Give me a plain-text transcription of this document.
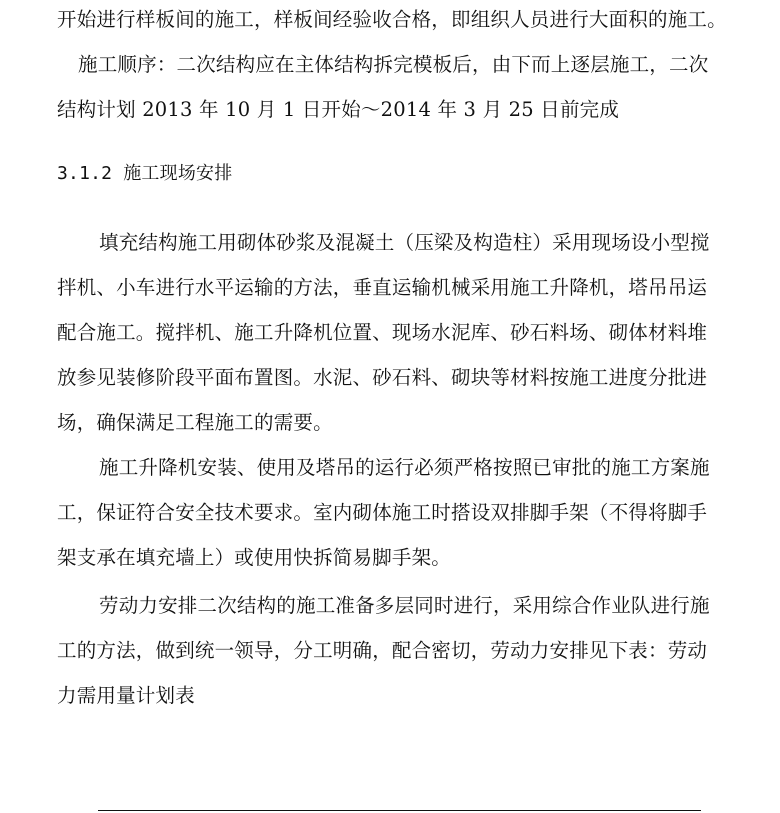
开始进行样板间的施工，样板间经验收合格，即组织人员进行大面积的施工。
施工顺序：二次结构应在主体结构拆完模板后，由下而上逐层施工，二次
结构计划 2013 年 10 月 1 日开始～2014 年 3 月 25 日前完成
3.1.2 施工现场安排
填充结构施工用砌体砂浆及混凝土（压梁及构造柱）采用现场设小型搅
拌机、小车进行水平运输的方法，垂直运输机械采用施工升降机，塔吊吊运
配合施工。搅拌机、施工升降机位置、现场水泥库、砂石料场、砌体材料堆
放参见装修阶段平面布置图。水泥、砂石料、砌块等材料按施工进度分批进
场，确保满足工程施工的需要。
施工升降机安装、使用及塔吊的运行必须严格按照已审批的施工方案施
工，保证符合安全技术要求。室内砌体施工时搭设双排脚手架（不得将脚手
架支承在填充墙上）或使用快拆简易脚手架。
劳动力安排二次结构的施工准备多层同时进行，采用综合作业队进行施
工的方法，做到统一领导，分工明确，配合密切，劳动力安排见下表：劳动
力需用量计划表
